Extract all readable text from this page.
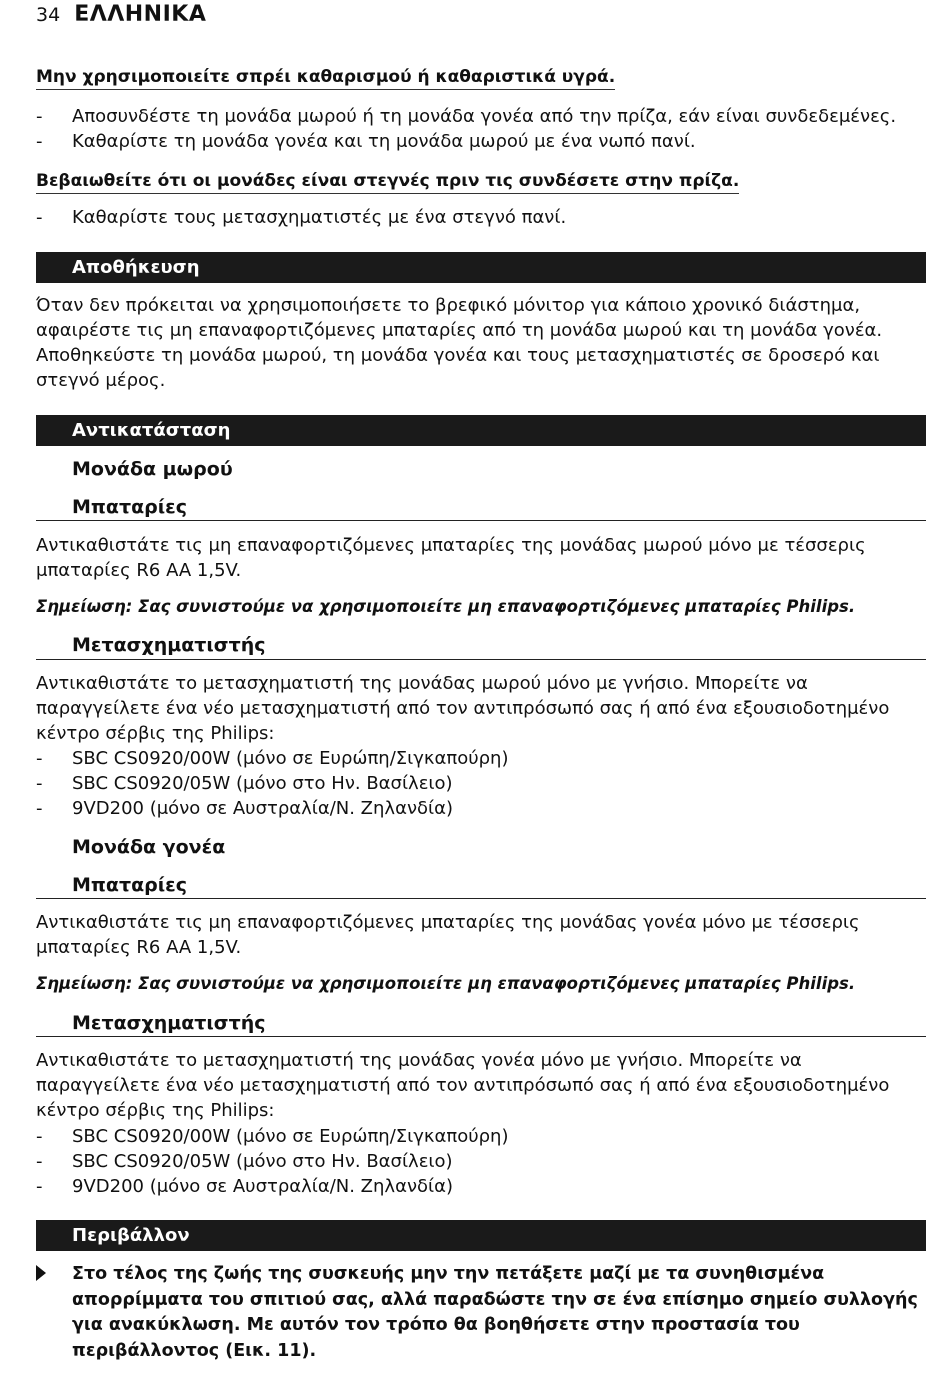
34 ΕΛΛΗΝΙΚΑ
Μην χρησιμοποιείτε σπρέι καθαρισμού ή καθαριστικά υγρά.
- Αποσυνδέστε τη μονάδα μωρού ή τη μονάδα γονέα από την πρίζα, εάν είναι συνδεδεμένες.
- Καθαρίστε τη μονάδα γονέα και τη μονάδα μωρού με ένα νωπό πανί.
Βεβαιωθείτε ότι οι μονάδες είναι στεγνές πριν τις συνδέσετε στην πρίζα.
- Καθαρίστε τους μετασχηματιστές με ένα στεγνό πανί.
Αποθήκευση
Όταν δεν πρόκειται να χρησιμοποιήσετε το βρεφικό μόνιτορ για κάποιο χρονικό διάστημα, αφαιρέστε τις μη επαναφορτιζόμενες μπαταρίες από τη μονάδα μωρού και τη μονάδα γονέα. Αποθηκεύστε τη μονάδα μωρού, τη μονάδα γονέα και τους μετασχηματιστές σε δροσερό και στεγνό μέρος.
Αντικατάσταση
Μονάδα μωρού
Μπαταρίες
Αντικαθιστάτε τις μη επαναφορτιζόμενες μπαταρίες της μονάδας μωρού μόνο με τέσσερις μπαταρίες R6 AA 1,5V.
Σημείωση: Σας συνιστούμε να χρησιμοποιείτε μη επαναφορτιζόμενες μπαταρίες Philips.
Μετασχηματιστής
Αντικαθιστάτε το μετασχηματιστή της μονάδας μωρού μόνο με γνήσιο. Μπορείτε να παραγγείλετε ένα νέο μετασχηματιστή από τον αντιπρόσωπό σας ή από ένα εξουσιοδοτημένο κέντρο σέρβις της Philips:
- SBC CS0920/00W (μόνο σε Ευρώπη/Σιγκαπούρη)
- SBC CS0920/05W (μόνο στο Ην. Βασίλειο)
- 9VD200 (μόνο σε Αυστραλία/Ν. Ζηλανδία)
Μονάδα γονέα
Μπαταρίες
Αντικαθιστάτε τις μη επαναφορτιζόμενες μπαταρίες της μονάδας γονέα μόνο με τέσσερις μπαταρίες R6 AA 1,5V.
Σημείωση: Σας συνιστούμε να χρησιμοποιείτε μη επαναφορτιζόμενες μπαταρίες Philips.
Μετασχηματιστής
Αντικαθιστάτε το μετασχηματιστή της μονάδας γονέα μόνο με γνήσιο. Μπορείτε να παραγγείλετε ένα νέο μετασχηματιστή από τον αντιπρόσωπό σας ή από ένα εξουσιοδοτημένο κέντρο σέρβις της Philips:
- SBC CS0920/00W (μόνο σε Ευρώπη/Σιγκαπούρη)
- SBC CS0920/05W (μόνο στο Ην. Βασίλειο)
- 9VD200 (μόνο σε Αυστραλία/Ν. Ζηλανδία)
Περιβάλλον
Στο τέλος της ζωής της συσκευής μην την πετάξετε μαζί με τα συνηθισμένα απορρίμματα του σπιτιού σας, αλλά παραδώστε την σε ένα επίσημο σημείο συλλογής για ανακύκλωση. Με αυτόν τον τρόπο θα βοηθήσετε στην προστασία του περιβάλλοντος (Εικ. 11).
